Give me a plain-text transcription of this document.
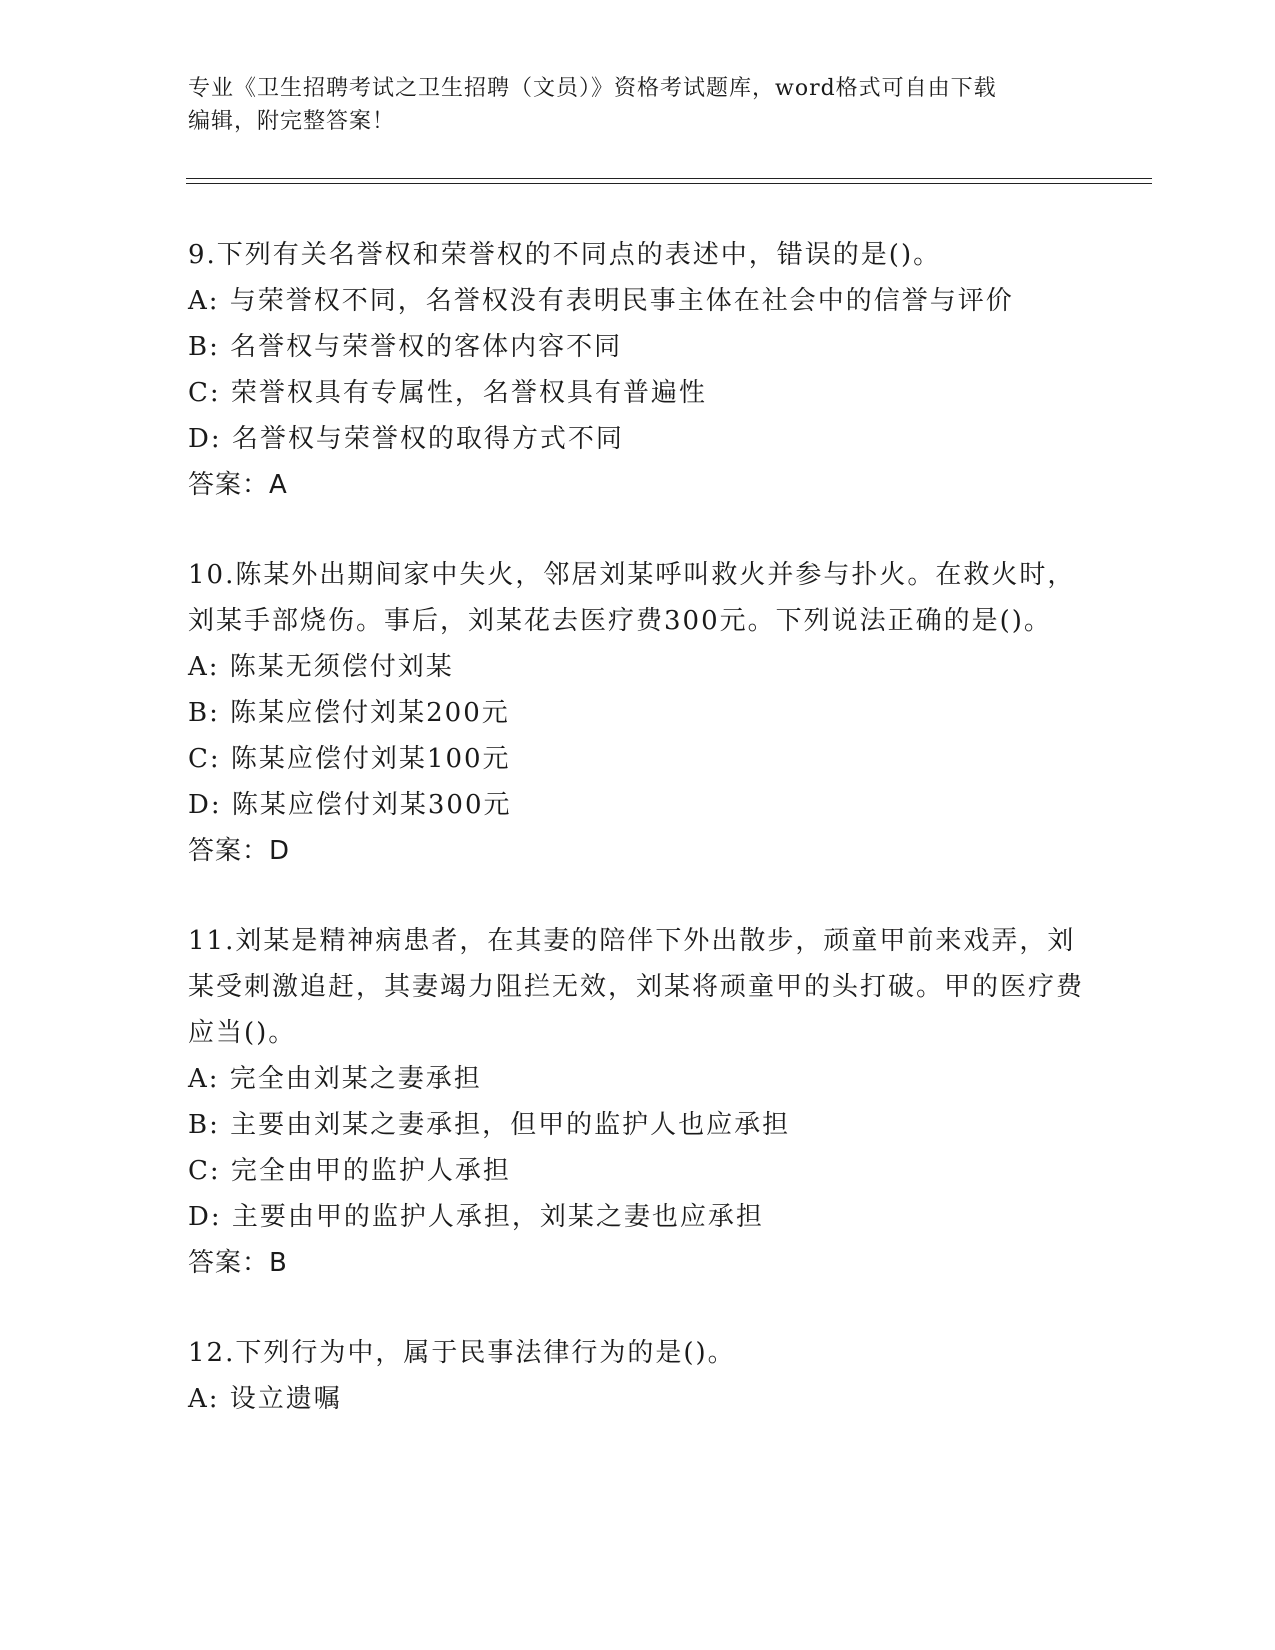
专业《卫生招聘考试之卫生招聘（文员）》资格考试题库，word格式可自由下载
编辑，附完整答案！
9.下列有关名誉权和荣誉权的不同点的表述中，错误的是()。
A: 与荣誉权不同，名誉权没有表明民事主体在社会中的信誉与评价
B: 名誉权与荣誉权的客体内容不同
C: 荣誉权具有专属性，名誉权具有普遍性
D: 名誉权与荣誉权的取得方式不同
答案：A
10.陈某外出期间家中失火，邻居刘某呼叫救火并参与扑火。在救火时，刘某手部烧伤。事后，刘某花去医疗费300元。下列说法正确的是()。
A: 陈某无须偿付刘某
B: 陈某应偿付刘某200元
C: 陈某应偿付刘某100元
D: 陈某应偿付刘某300元
答案：D
11.刘某是精神病患者，在其妻的陪伴下外出散步，顽童甲前来戏弄，刘某受刺激追赶，其妻竭力阻拦无效，刘某将顽童甲的头打破。甲的医疗费应当()。
A: 完全由刘某之妻承担
B: 主要由刘某之妻承担，但甲的监护人也应承担
C: 完全由甲的监护人承担
D: 主要由甲的监护人承担，刘某之妻也应承担
答案：B
12.下列行为中，属于民事法律行为的是()。
A: 设立遗嘱
